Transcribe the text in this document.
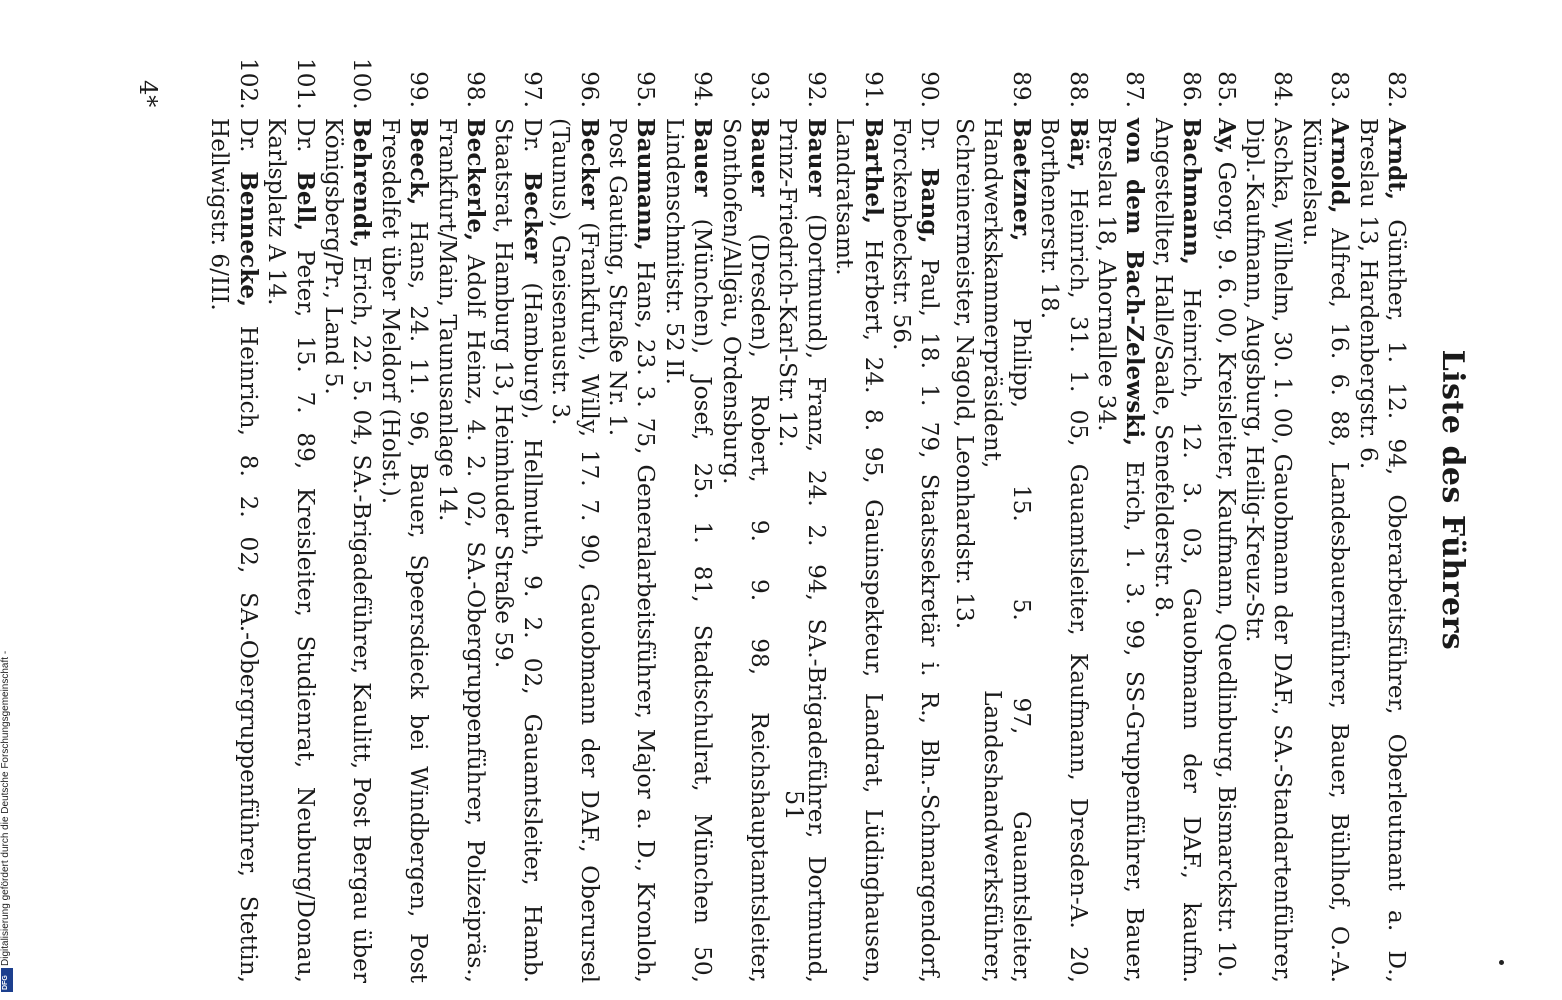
Liste des Führers
51
82.
Arndt, Günther, 1. 12. 94, Oberarbeitsführer, Oberleutnant a. D., Breslau 13, Hardenbergstr. 6.
83.
Arnold, Alfred, 16. 6. 88, Landesbauernführer, Bauer, Bühlhof, O.-A. Künzelsau.
84.
Aschka, Wilhelm, 30. 1. 00, Gauobmann der DAF., SA.-Standartenführer, Dipl.-Kaufmann, Augsburg, Heilig-Kreuz-Str.
85.
Ay, Georg, 9. 6. 00, Kreisleiter, Kaufmann, Quedlinburg, Bismarckstr. 10.
86.
Bachmann, Heinrich, 12. 3. 03, Gauobmann der DAF., kaufm. Angestellter, Halle/Saale, Senefelderstr. 8.
87.
von dem Bach-Zelewski, Erich, 1. 3. 99, SS-Gruppenführer, Bauer, Breslau 18, Ahornallee 34.
88.
Bär, Heinrich, 31. 1. 05, Gauamtsleiter, Kaufmann, Dresden-A. 20, Borthenerstr. 18.
89.
Baetzner, Philipp, 15. 5. 97, Gauamtsleiter, Handwerkskammerpräsident, Landeshandwerksführer, Schreinermeister, Nagold, Leonhardstr. 13.
90.
Dr. Bang, Paul, 18. 1. 79, Staatssekretär i. R., Bln.-Schmargendorf, Forckenbeckstr. 56.
91.
Barthel, Herbert, 24. 8. 95, Gauinspekteur, Landrat, Lüdinghausen, Landratsamt.
92.
Bauer (Dortmund), Franz, 24. 2. 94, SA.-Brigadeführer, Dortmund, Prinz-Friedrich-Karl-Str. 12.
93.
Bauer (Dresden), Robert, 9. 9. 98, Reichshauptamtsleiter, Sonthofen/Allgäu, Ordensburg.
94.
Bauer (München), Josef, 25. 1. 81, Stadtschulrat, München 50, Lindenschmitstr. 52 II.
95.
Baumann, Hans, 23. 3. 75, Generalarbeitsführer, Major a. D., Kronloh, Post Gauting, Straße Nr. 1.
96.
Becker (Frankfurt), Willy, 17. 7. 90, Gauobmann der DAF., Oberursel (Taunus), Gneisenaustr. 3.
97.
Dr. Becker (Hamburg), Hellmuth, 9. 2. 02, Gauamtsleiter, Hamb. Staatsrat, Hamburg 13, Heimhuder Straße 59.
98.
Beckerle, Adolf Heinz, 4. 2. 02, SA.-Obergruppenführer, Polizeipräs., Frankfurt/Main, Taunusanlage 14.
99.
Beeck, Hans, 24. 11. 96, Bauer, Speersdieck bei Windbergen, Post Fresdelfet über Meldorf (Holst.).
100.
Behrendt, Erich, 22. 5. 04, SA.-Brigadeführer, Kaulitt, Post Bergau über Königsberg/Pr., Land 5.
101.
Dr. Bell, Peter, 15. 7. 89, Kreisleiter, Studienrat, Neuburg/Donau, Karlsplatz A 14.
102.
Dr. Bennecke, Heinrich, 8. 2. 02, SA.-Obergruppenführer, Stettin, Hellwigstr. 6/III.
4*
Digitalisierung gefördert durch die Deutsche Forschungsgemeinschaft -
DFG
